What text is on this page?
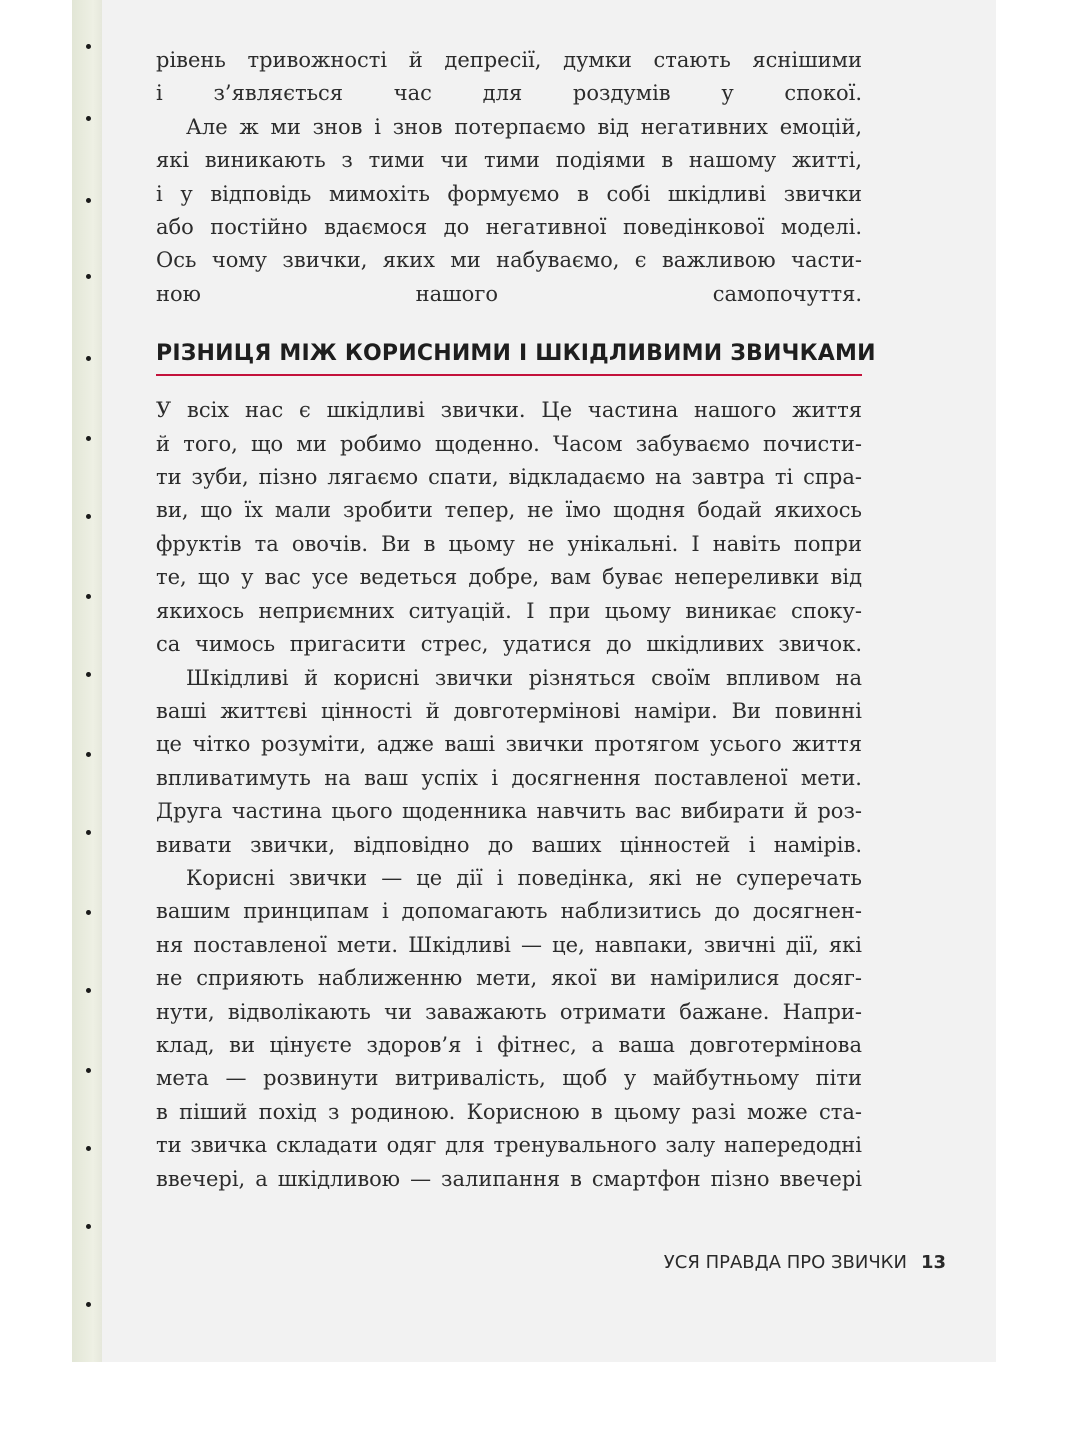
рівень тривожності й депресії, думки стають яснішими
і з’являється час для роздумів у спокої.
Але ж ми знов і знов потерпаємо від негативних емоцій,
які виникають з тими чи тими подіями в нашому житті,
і у відповідь мимохіть формуємо в собі шкідливі звички
або постійно вдаємося до негативної поведінкової моделі.
Ось чому звички, яких ми набуваємо, є важливою части-
ною нашого самопочуття.
РІЗНИЦЯ МІЖ КОРИСНИМИ І ШКІДЛИВИМИ ЗВИЧКАМИ
У всіх нас є шкідливі звички. Це частина нашого життя
й того, що ми робимо щоденно. Часом забуваємо почисти-
ти зуби, пізно лягаємо спати, відкладаємо на завтра ті спра-
ви, що їх мали зробити тепер, не їмо щодня бодай якихось
фруктів та овочів. Ви в цьому не унікальні. І навіть попри
те, що у вас усе ведеться добре, вам буває непереливки від
якихось неприємних ситуацій. І при цьому виникає споку-
са чимось пригасити стрес, удатися до шкідливих звичок.
Шкідливі й корисні звички різняться своїм впливом на
ваші життєві цінності й довготермінові наміри. Ви повинні
це чітко розуміти, адже ваші звички протягом усього життя
впливатимуть на ваш успіх і досягнення поставленої мети.
Друга частина цього щоденника навчить вас вибирати й роз-
вивати звички, відповідно до ваших цінностей і намірів.
Корисні звички — це дії і поведінка, які не суперечать
вашим принципам і допомагають наблизитись до досягнен-
ня поставленої мети. Шкідливі — це, навпаки, звичні дії, які
не сприяють наближенню мети, якої ви намірилися досяг-
нути, відволікають чи заважають отримати бажане. Напри-
клад, ви цінуєте здоров’я і фітнес, а ваша довготермінова
мета — розвинути витривалість, щоб у майбутньому піти
в піший похід з родиною. Корисною в цьому разі може ста-
ти звичка складати одяг для тренувального залу напередодні
ввечері, а шкідливою — залипання в смартфон пізно ввечері
УСЯ ПРАВДА ПРО ЗВИЧКИ 13
